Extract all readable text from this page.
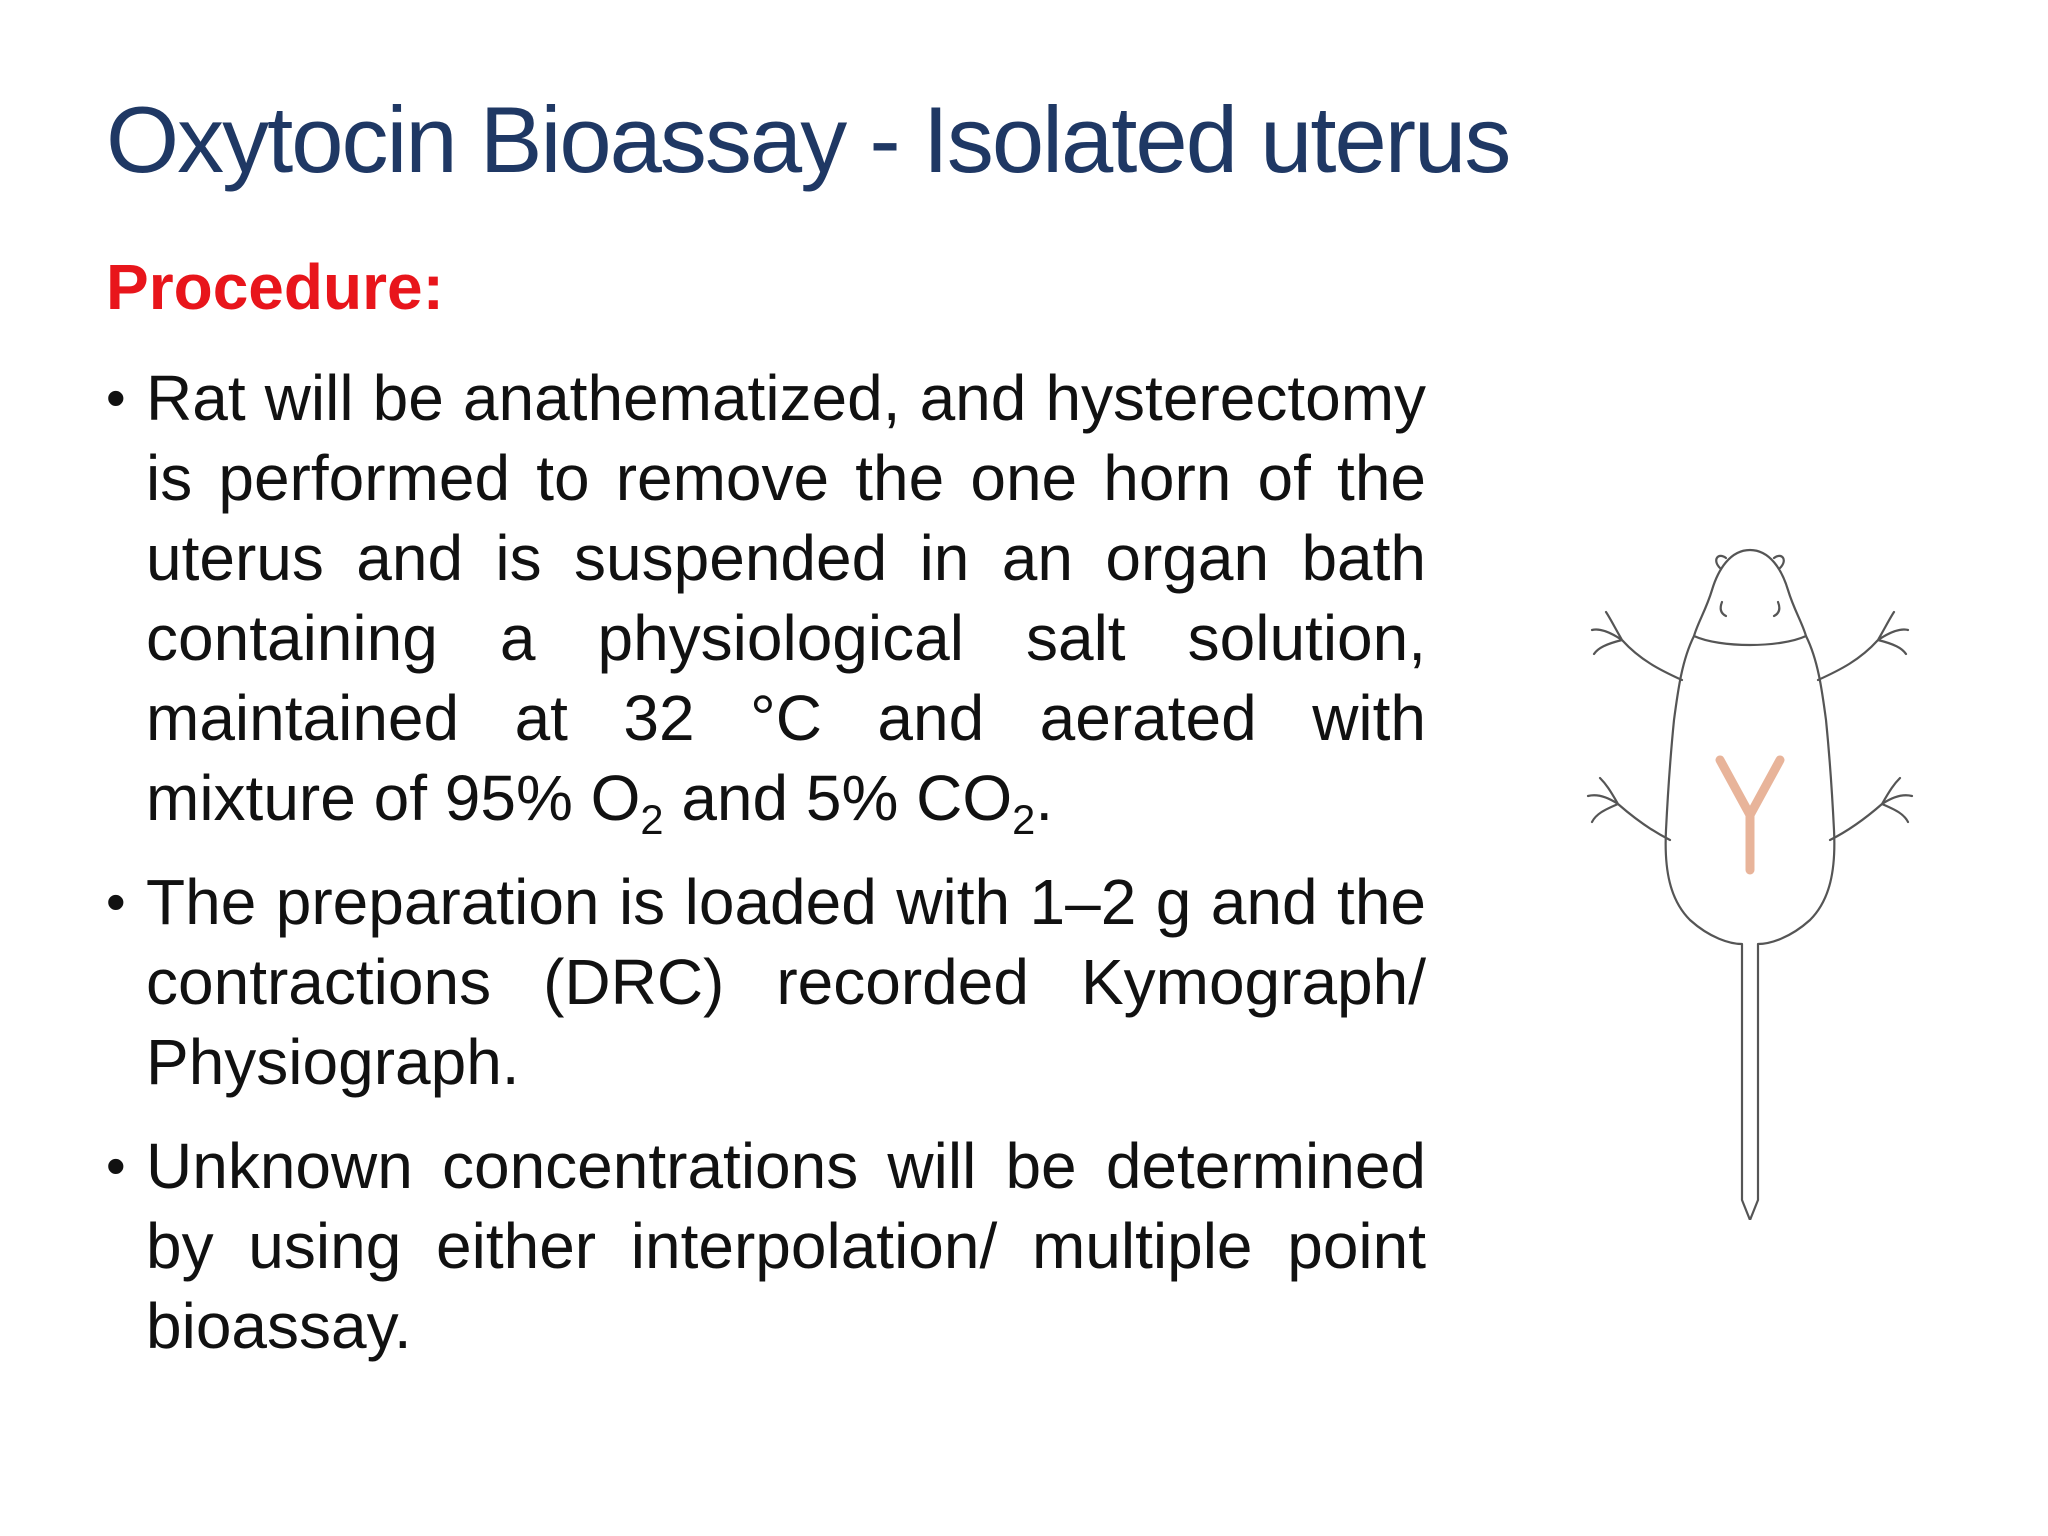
Oxytocin Bioassay - Isolated uterus
Procedure:
• Rat will be anathematized, and hysterectomy is performed to remove the one horn of the uterus and is suspended in an organ bath containing a physiological salt solution, maintained at 32 °C and aerated with mixture of 95% $O_2$ and 5% $CO_2$.
• The preparation is loaded with 1–2 g and the contractions (DRC) recorded Kymograph/ Physiograph.
• Unknown concentrations will be determined by using either interpolation/ multiple point bioassay.
